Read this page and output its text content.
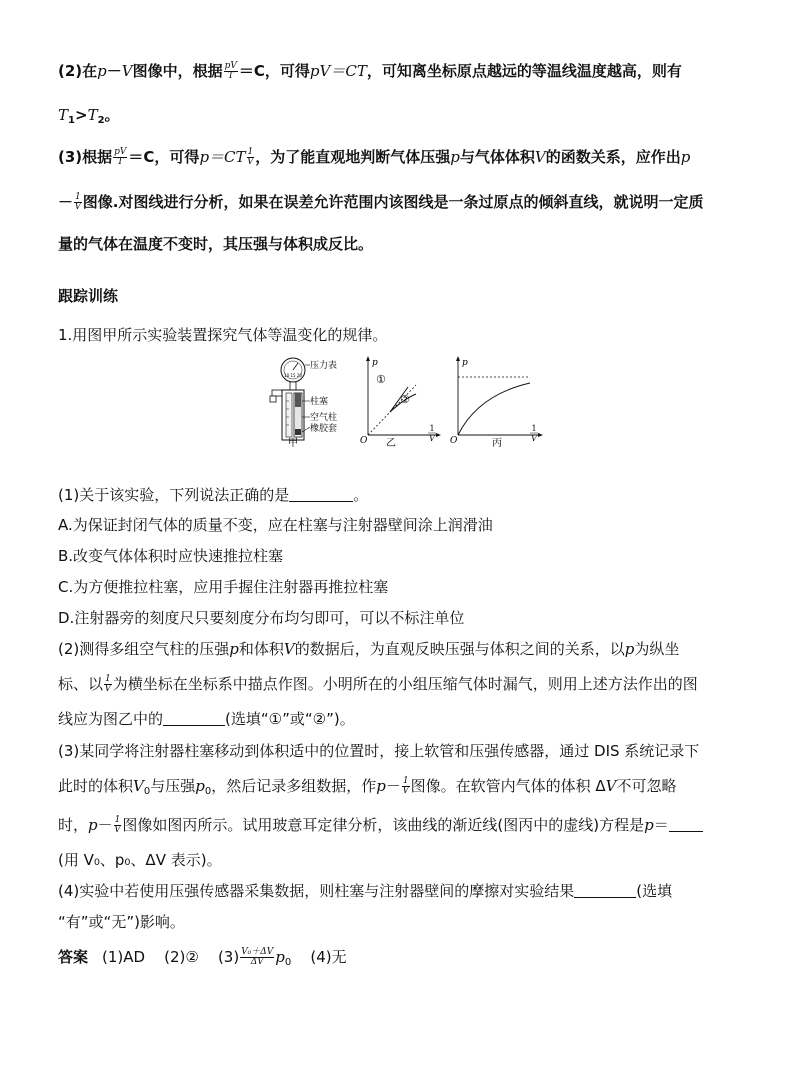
(2)在p－V图像中，根据 $\frac{pV}{T} =C$，可得pV＝CT，可知离坐标原点越远的等温线温度越高，则有
$T_1>T_2$。
(3)根据 $\frac{pV}{T} =C$，可得$p=CT \frac{1}{V}$ ，为了能直观地判断气体压强p与气体体积V的函数关系，应作出p
－ $\frac{1}{V}$ 图像.对图线进行分析，如果在误差允许范围内该图线是一条过原点的倾斜直线，就说明一定质
量的气体在温度不变时，其压强与体积成反比。
跟踪训练
1.用图甲所示实验装置探究气体等温变化的规律。
10 15 20
压力表
柱塞
空气柱
橡胶套
甲
p
①
②
O
1
V
乙
p
O
1
V
丙
(1)关于该实验，下列说法正确的是	。
A.为保证封闭气体的质量不变，应在柱塞与注射器壁间涂上润滑油
B.改变气体体积时应快速推拉柱塞
C.为方便推拉柱塞，应用手握住注射器再推拉柱塞
D.注射器旁的刻度尺只要刻度分布均匀即可，可以不标注单位
(2)测得多组空气柱的压强p和体积V的数据后，为直观反映压强与体积之间的关系，以p为纵坐
标、以 $\frac{1}{V}$ 为横坐标在坐标系中描点作图。小明所在的小组压缩气体时漏气，则用上述方法作出的图
线应为图乙中的	(选填“①”或“②”)。
(3)某同学将注射器柱塞移动到体积适中的位置时，接上软管和压强传感器，通过 DIS 系统记录下
此时的体积$V_0$与压强$p_0$，然后记录多组数据，作$p- \frac{1}{V}$ 图像。在软管内气体的体积 ΔV不可忽略
时，$p- \frac{1}{V}$ 图像如图丙所示。试用玻意耳定律分析，该曲线的渐近线(图丙中的虚线)方程是p＝
(用 V₀、p₀、ΔV 表示)。
(4)实验中若使用压强传感器采集数据，则柱塞与注射器壁间的摩擦对实验结果	(选填
“有”或“无”)影响。
答案 (1)AD (2)② $(3) \frac{\text{V₀＋ΔV}}{\Delta V} p_0$ (4)无
